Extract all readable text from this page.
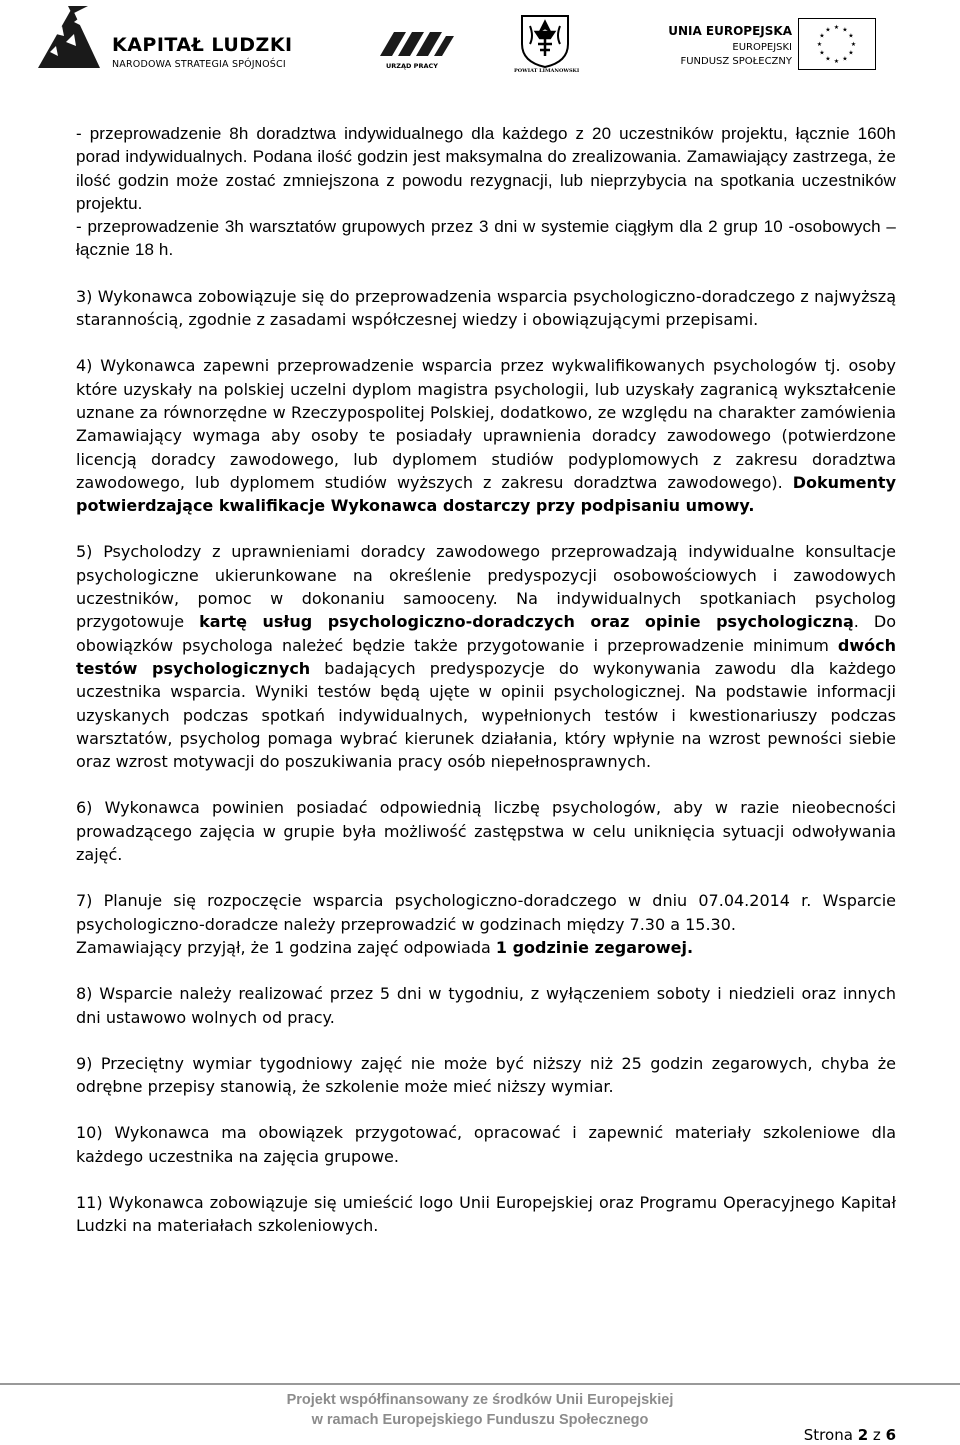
KAPITAŁ LUDZKI
NARODOWA STRATEGIA SPÓJNOŚCI	URZĄD PRACY
POWIAT LIMANOWSKI
UNIA EUROPEJSKA
EUROPEJSKI
FUNDUSZ SPOŁECZNY
★ ★
★
★
★
★
★
★
★
★
★
★

- przeprowadzenie 8h doradztwa indywidualnego dla każdego z 20 uczestników projektu, łącznie 160h porad indywidualnych. Podana ilość godzin jest maksymalna do zrealizowania. Zamawiający zastrzega, że ilość godzin może zostać zmniejszona z powodu rezygnacji, lub nieprzybycia na spotkania uczestników projektu.

- przeprowadzenie 3h warsztatów grupowych przez 3 dni w systemie ciągłym dla 2 grup 10 -osobowych – łącznie 18 h.

3) Wykonawca zobowiązuje się do przeprowadzenia wsparcia psychologiczno-doradczego z najwyższą starannością, zgodnie z zasadami współczesnej wiedzy i obowiązującymi przepisami.

4) Wykonawca zapewni przeprowadzenie wsparcia przez wykwalifikowanych psychologów tj. osoby które uzyskały na polskiej uczelni dyplom magistra psychologii, lub uzyskały zagranicą wykształcenie uznane za równorzędne w Rzeczypospolitej Polskiej, dodatkowo, ze względu na charakter zamówienia Zamawiający wymaga aby osoby te posiadały uprawnienia doradcy zawodowego (potwierdzone licencją doradcy zawodowego, lub dyplomem studiów podyplomowych z zakresu doradztwa zawodowego, lub dyplomem studiów wyższych z zakresu doradztwa zawodowego). Dokumenty potwierdzające kwalifikacje Wykonawca dostarczy przy podpisaniu umowy.

5) Psycholodzy z uprawnieniami doradcy zawodowego przeprowadzają indywidualne konsultacje psychologiczne ukierunkowane na określenie predyspozycji osobowościowych i zawodowych uczestników, pomoc w dokonaniu samooceny. Na indywidualnych spotkaniach psycholog przygotowuje kartę usług psychologiczno-doradczych oraz opinie psychologiczną. Do obowiązków psychologa należeć będzie także przygotowanie i przeprowadzenie minimum dwóch testów psychologicznych badających predyspozycje do wykonywania zawodu dla każdego uczestnika wsparcia. Wyniki testów będą ujęte w opinii psychologicznej. Na podstawie informacji uzyskanych podczas spotkań indywidualnych, wypełnionych testów i kwestionariuszy podczas warsztatów, psycholog pomaga wybrać kierunek działania, który wpłynie na wzrost pewności siebie oraz wzrost motywacji do poszukiwania pracy osób niepełnosprawnych.

6) Wykonawca powinien posiadać odpowiednią liczbę psychologów, aby w razie nieobecności prowadzącego zajęcia w grupie była możliwość zastępstwa w celu uniknięcia sytuacji odwoływania zajęć.

7) Planuje się rozpoczęcie wsparcia psychologiczno-doradczego w dniu 07.04.2014 r. Wsparcie psychologiczno-doradcze należy przeprowadzić w godzinach między 7.30 a 15.30.

Zamawiający przyjął, że 1 godzina zajęć odpowiada 1 godzinie zegarowej.

8) Wsparcie należy realizować przez 5 dni w tygodniu, z wyłączeniem soboty i niedzieli oraz innych dni ustawowo wolnych od pracy.

9) Przeciętny wymiar tygodniowy zajęć nie może być niższy niż 25 godzin zegarowych, chyba że odrębne przepisy stanowią, że szkolenie może mieć niższy wymiar.

10) Wykonawca ma obowiązek przygotować, opracować i zapewnić materiały szkoleniowe dla każdego uczestnika na zajęcia grupowe.

11) Wykonawca zobowiązuje się umieścić logo Unii Europejskiej oraz Programu Operacyjnego Kapitał Ludzki na materiałach szkoleniowych.

Projekt współfinansowany ze środków Unii Europejskiej
w ramach Europejskiego Funduszu Społecznego
Strona 2 z 6
